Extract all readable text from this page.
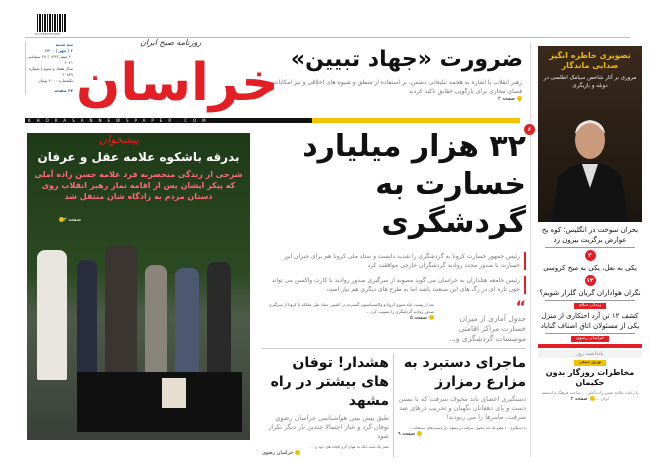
9771560751008
سه شنبه
۶ | مهر | ۱۴۰۰
۲۰ صفر ۱۴۴۳ | ۲۸ سپتامبر ۲۰۲۱
سال هفتاد و سوم | شماره ۲۰۸۳۹
تکشماره ۲۰۰۰ تومان
۲۴ صفحه
روزنامه صبح ایران
خراسان ضرورت «جهاد تبیین»
رهبر انقلاب با اشاره به هجمه تبلیغاتی دشمن، بر استفاده از منطق و شیوه های اخلاقی و نیز امکانات فضای مجازی برای بازگویی حقایق تاکید کردند
صفحه ۲
KHORASANNEWSPAPER.COM
تصویری خاطره انگیز صدایی ماندگار
مروری بر آثار شاخص سیامک اطلسی در دوبله و بازیگری
۶
بحران سوخت در انگلیس؛ کوه یخ عوارض برگزیت بیرون زد
۳
یکی به نعل، یکی به میخ کروسی
۱۲
نگران هواداران گریان گلزار شویم؟
زندگی سلام
کشف ۱۲ تن آرد احتکاری از منزل یکی از مسئولان اتاق اصناف گناباد
خراسان رضوی
یادداشت روز
بهروز سیفی
مخاطرات روزگار بدون حکیمان
با رحلت علامه حسن زاده آملی ... ساحت فرهنگ و اندیشه ایران ... صفحه ۲
۳۲ هزار میلیارد خسارت به گردشگری
رئیس جمهور خسارت کرونا به گردشگری را شدید دانست و ستاد ملی کرونا هم برای جبران این خسارت با صدور مجدد روادید گردشگران خارجی موافقت کرد
رئیس جامعه هتلداران به خراسان می گوید مصوبه از سرگیری صدور روادید با کارت واکسن می تواند خون تازه ای در رگ های این صنعت باشد اما به طرح های دیگری هم نیاز است
“
جدول آماری از میزان خسارت مراکز اقامتی موسسات گردشگری و...
بعد از بیست ماه شیوع کرونا و واکسیناسیون گسترده در کشور، ستاد ملی مقابله با کرونا از سرگیری صدور روادید گردشگری را تصویب کرد ...
صفحه ۵
ماجرای دستبرد به مزارع رمزارز
دستگیری اعضای باند مخوف سرقت که با بستن دست و پای دهقانان نگهبان و تخریب درهای ضد سرقت، ماینرها را می ربودند!
با دستگیری ۱۰ عضو یک باند مخوف سرقت در مشهد، راز دستبردهای مسلحانه ...
صفحه ۹
هشدار! توفان های بیشتر در راه مشهد
طبق پیش بینی هواشناسی خراسان رضوی توفان گرد و غبار احتمالا چندین بار دیگر تکرار شود
عصر یک شنبه جنگ باد هوای گرم افتاده های خود را ...
خراسان رضوی
پیشخوان
بدرقه باشکوه علامه عقل و عرفان
شرحی از زندگی منحصربه فرد علامه حسن زاده آملی که پیکر ایشان پس از اقامه نماز رهبر انقلاب روی دستان مردم به زادگاه شان منتقل شد
صفحه ۲
